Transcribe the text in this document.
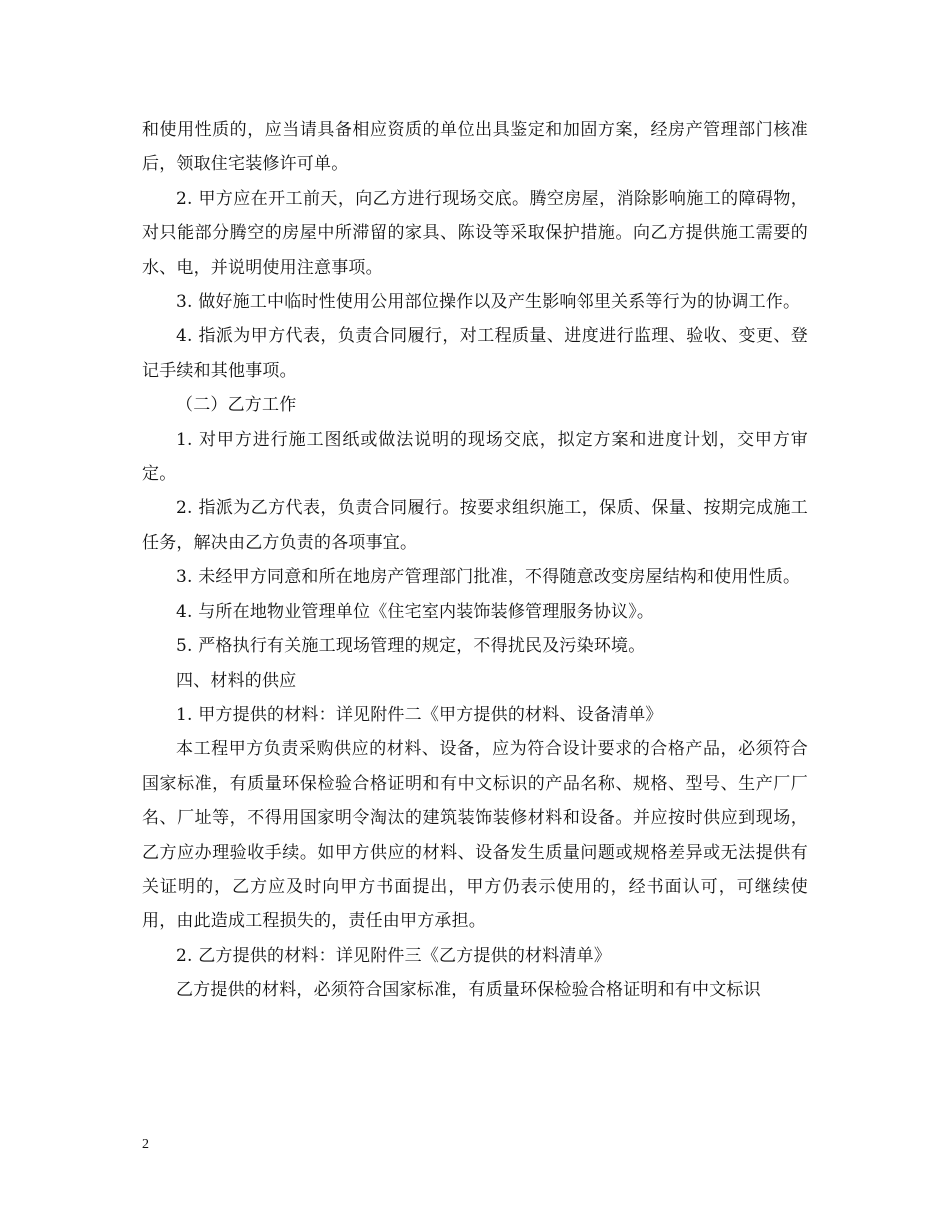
和使用性质的，应当请具备相应资质的单位出具鉴定和加固方案，经房产管理部门核准后，领取住宅装修许可单。

2. 甲方应在开工前天，向乙方进行现场交底。腾空房屋，消除影响施工的障碍物，对只能部分腾空的房屋中所滞留的家具、陈设等采取保护措施。向乙方提供施工需要的水、电，并说明使用注意事项。

3. 做好施工中临时性使用公用部位操作以及产生影响邻里关系等行为的协调工作。

4. 指派为甲方代表，负责合同履行，对工程质量、进度进行监理、验收、变更、登记手续和其他事项。

（二）乙方工作

1. 对甲方进行施工图纸或做法说明的现场交底，拟定方案和进度计划，交甲方审定。

2. 指派为乙方代表，负责合同履行。按要求组织施工，保质、保量、按期完成施工任务，解决由乙方负责的各项事宜。

3. 未经甲方同意和所在地房产管理部门批准，不得随意改变房屋结构和使用性质。

4. 与所在地物业管理单位《住宅室内装饰装修管理服务协议》。

5. 严格执行有关施工现场管理的规定，不得扰民及污染环境。

四、材料的供应

1. 甲方提供的材料：详见附件二《甲方提供的材料、设备清单》

本工程甲方负责采购供应的材料、设备，应为符合设计要求的合格产品，必须符合国家标准，有质量环保检验合格证明和有中文标识的产品名称、规格、型号、生产厂厂名、厂址等，不得用国家明令淘汰的建筑装饰装修材料和设备。并应按时供应到现场，乙方应办理验收手续。如甲方供应的材料、设备发生质量问题或规格差异或无法提供有关证明的，乙方应及时向甲方书面提出，甲方仍表示使用的，经书面认可，可继续使用，由此造成工程损失的，责任由甲方承担。

2. 乙方提供的材料：详见附件三《乙方提供的材料清单》

乙方提供的材料，必须符合国家标准，有质量环保检验合格证明和有中文标识

2
